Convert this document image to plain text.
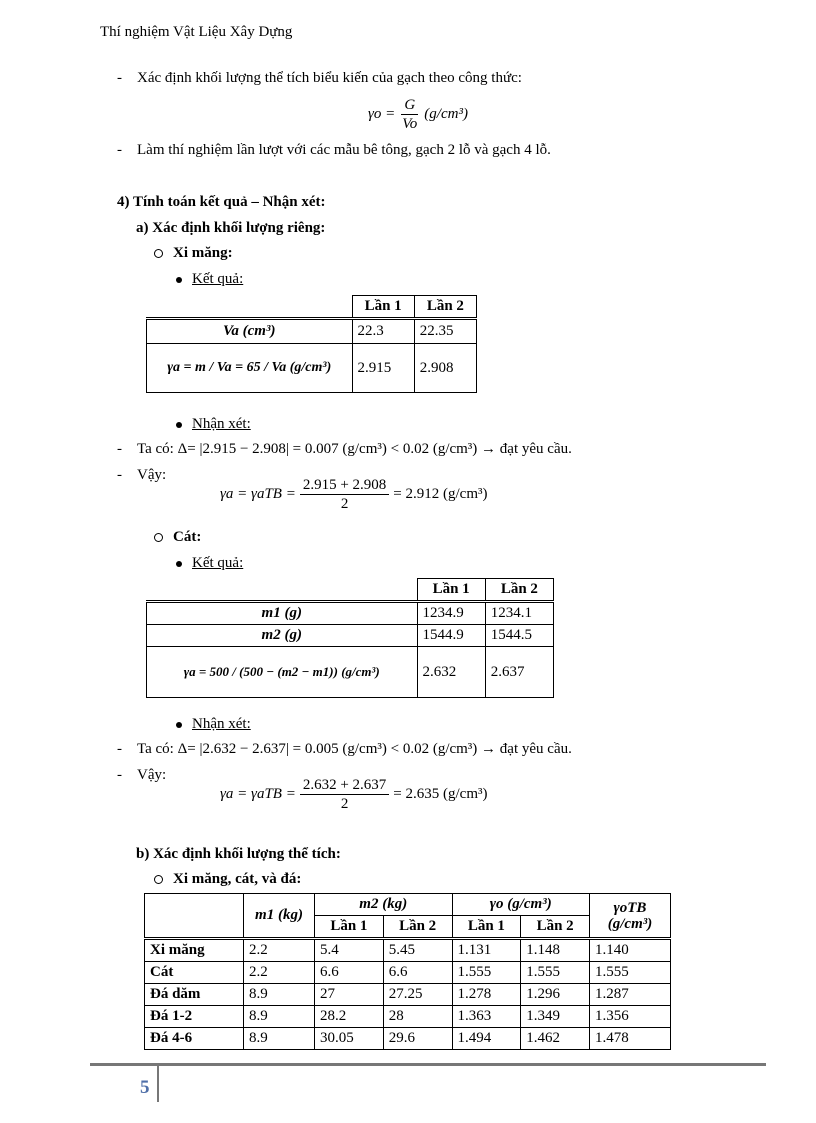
Thí nghiệm Vật Liệu Xây Dựng
-    Xác định khối lượng thể tích biểu kiến của gạch theo công thức:
$\gamma o = \frac{G}{Vo} (g/cm^3)$
-    Làm thí nghiệm lần lượt với các mẫu bê tông, gạch 2 lỗ và gạch 4 lỗ.
4) Tính toán kết quả – Nhận xét:
a) Xác định khối lượng riêng:
Xi măng:
Kết quả:
	Lần 1	Lần 2
Va (cm³)	22.3	22.35
γa = m / Va = 65 / Va (g/cm³)	2.915	2.908
Nhận xét:
-    Ta có: Δ= |2.915 − 2.908| = 0.007 (g/cm³) < 0.02 (g/cm³) → đạt yêu cầu.
-    Vậy:
$\gamma a = \gamma aTB = \frac{2.915 + 2.908}{2} = 2.912$ (g/cm³)
Cát:
Kết quả:
	Lần 1	Lần 2
m1 (g)	1234.9	1234.1
m2 (g)	1544.9	1544.5
γa = 500 / (500 − (m2 − m1)) (g/cm³)	2.632	2.637
Nhận xét:
-    Ta có: Δ= |2.632 − 2.637| = 0.005 (g/cm³) < 0.02 (g/cm³) → đạt yêu cầu.
-    Vậy:
$\gamma a = \gamma aTB = \frac{2.632 + 2.637}{2} = 2.635$ (g/cm³)
b) Xác định khối lượng thể tích:
Xi măng, cát, và đá:
	m1 (kg)	m2 (kg)		γo (g/cm³)		γoTB (g/cm³)
		Lần 1	Lần 2	Lần 1	Lần 2	
Xi măng	2.2	5.4	5.45	1.131	1.148	1.140
Cát	2.2	6.6	6.6	1.555	1.555	1.555
Đá dăm	8.9	27	27.25	1.278	1.296	1.287
Đá 1-2	8.9	28.2	28	1.363	1.349	1.356
Đá 4-6	8.9	30.05	29.6	1.494	1.462	1.478
5
